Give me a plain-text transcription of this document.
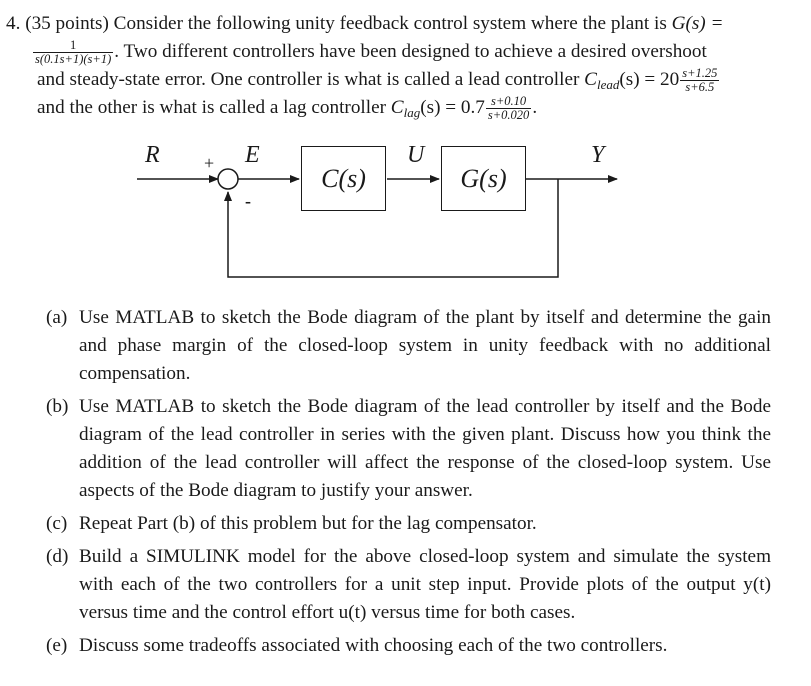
4. (35 points) Consider the following unity feedback control system where the plant is G(s) =
$\frac{1}{s(0.1s+1)(s+1)}$ . Two different controllers have been designed to achieve a desired overshoot
and steady-state error. One controller is what is called a lead controller $C_{lead}(s) = 20 \frac{s+1.25}{s+6.5}$
and the other is what is called a lag controller $C_{lag}(s) = 0.7 \frac{s+0.10}{s+0.020}$ .
R + E
-
U	Y
C(s)	G(s)
(a) Use MATLAB to sketch the Bode diagram of the plant by itself and determine the gain and phase margin of the closed-loop system in unity feedback with no additional compensation.
(b) Use MATLAB to sketch the Bode diagram of the lead controller by itself and the Bode diagram of the lead controller in series with the given plant. Discuss how you think the addition of the lead controller will affect the response of the closed-loop system. Use aspects of the Bode diagram to justify your answer.
(c) Repeat Part (b) of this problem but for the lag compensator.
(d) Build a SIMULINK model for the above closed-loop system and simulate the system with each of the two controllers for a unit step input. Provide plots of the output y(t) versus time and the control effort u(t) versus time for both cases.
(e) Discuss some tradeoffs associated with choosing each of the two controllers.
